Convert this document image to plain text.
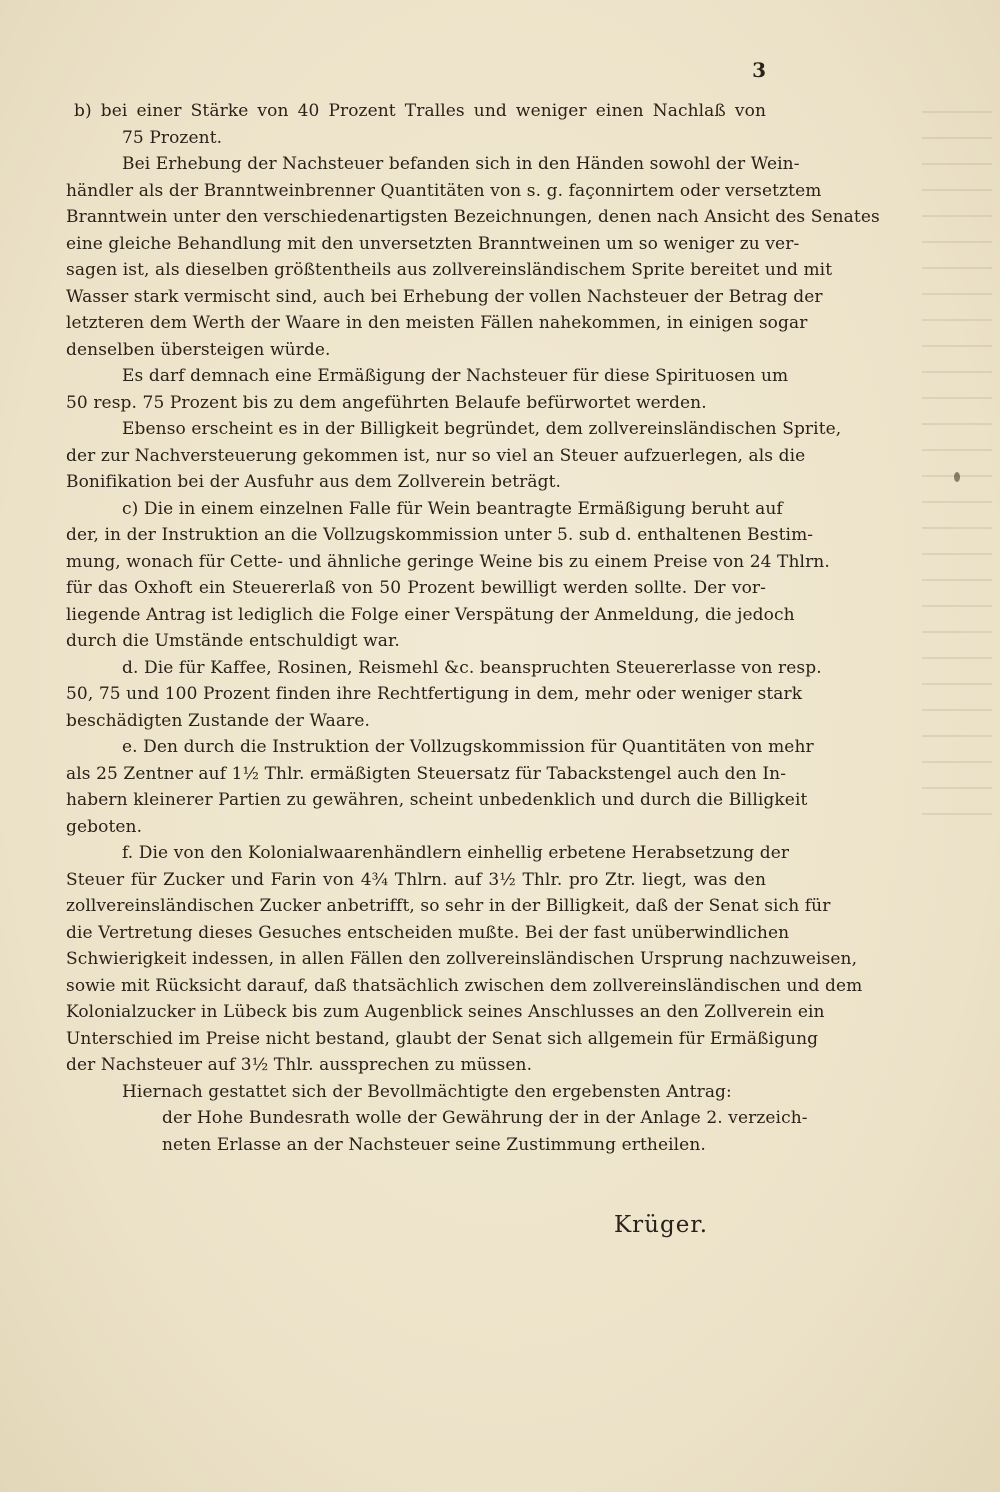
3
b) bei einer Stärke von 40 Prozent Tralles und weniger einen Nachlaß von
75 Prozent.
Bei Erhebung der Nachsteuer befanden sich in den Händen sowohl der Wein-
händler als der Branntweinbrenner Quantitäten von s. g. façonnirtem oder versetztem
Branntwein unter den verschiedenartigsten Bezeichnungen, denen nach Ansicht des Senates
eine gleiche Behandlung mit den unversetzten Branntweinen um so weniger zu ver-
sagen ist, als dieselben größtentheils aus zollvereinsländischem Sprite bereitet und mit
Wasser stark vermischt sind, auch bei Erhebung der vollen Nachsteuer der Betrag der
letzteren dem Werth der Waare in den meisten Fällen nahekommen, in einigen sogar
denselben übersteigen würde.
Es darf demnach eine Ermäßigung der Nachsteuer für diese Spirituosen um
50 resp. 75 Prozent bis zu dem angeführten Belaufe befürwortet werden.
Ebenso erscheint es in der Billigkeit begründet, dem zollvereinsländischen Sprite,
der zur Nachversteuerung gekommen ist, nur so viel an Steuer aufzuerlegen, als die
Bonifikation bei der Ausfuhr aus dem Zollverein beträgt.
c) Die in einem einzelnen Falle für Wein beantragte Ermäßigung beruht auf
der, in der Instruktion an die Vollzugskommission unter 5. sub d. enthaltenen Bestim-
mung, wonach für Cette- und ähnliche geringe Weine bis zu einem Preise von 24 Thlrn.
für das Oxhoft ein Steuererlaß von 50 Prozent bewilligt werden sollte. Der vor-
liegende Antrag ist lediglich die Folge einer Verspätung der Anmeldung, die jedoch
durch die Umstände entschuldigt war.
d. Die für Kaffee, Rosinen, Reismehl &c. beanspruchten Steuererlasse von resp.
50, 75 und 100 Prozent finden ihre Rechtfertigung in dem, mehr oder weniger stark
beschädigten Zustande der Waare.
e. Den durch die Instruktion der Vollzugskommission für Quantitäten von mehr
als 25 Zentner auf 1½ Thlr. ermäßigten Steuersatz für Tabackstengel auch den In-
habern kleinerer Partien zu gewähren, scheint unbedenklich und durch die Billigkeit
geboten.
f. Die von den Kolonialwaarenhändlern einhellig erbetene Herabsetzung der
Steuer für Zucker und Farin von 4¾ Thlrn. auf 3½ Thlr. pro Ztr. liegt, was den
zollvereinsländischen Zucker anbetrifft, so sehr in der Billigkeit, daß der Senat sich für
die Vertretung dieses Gesuches entscheiden mußte. Bei der fast unüberwindlichen
Schwierigkeit indessen, in allen Fällen den zollvereinsländischen Ursprung nachzuweisen,
sowie mit Rücksicht darauf, daß thatsächlich zwischen dem zollvereinsländischen und dem
Kolonialzucker in Lübeck bis zum Augenblick seines Anschlusses an den Zollverein ein
Unterschied im Preise nicht bestand, glaubt der Senat sich allgemein für Ermäßigung
der Nachsteuer auf 3½ Thlr. aussprechen zu müssen.
Hiernach gestattet sich der Bevollmächtigte den ergebensten Antrag:
der Hohe Bundesrath wolle der Gewährung der in der Anlage 2. verzeich-
neten Erlasse an der Nachsteuer seine Zustimmung ertheilen.
Krüger.
